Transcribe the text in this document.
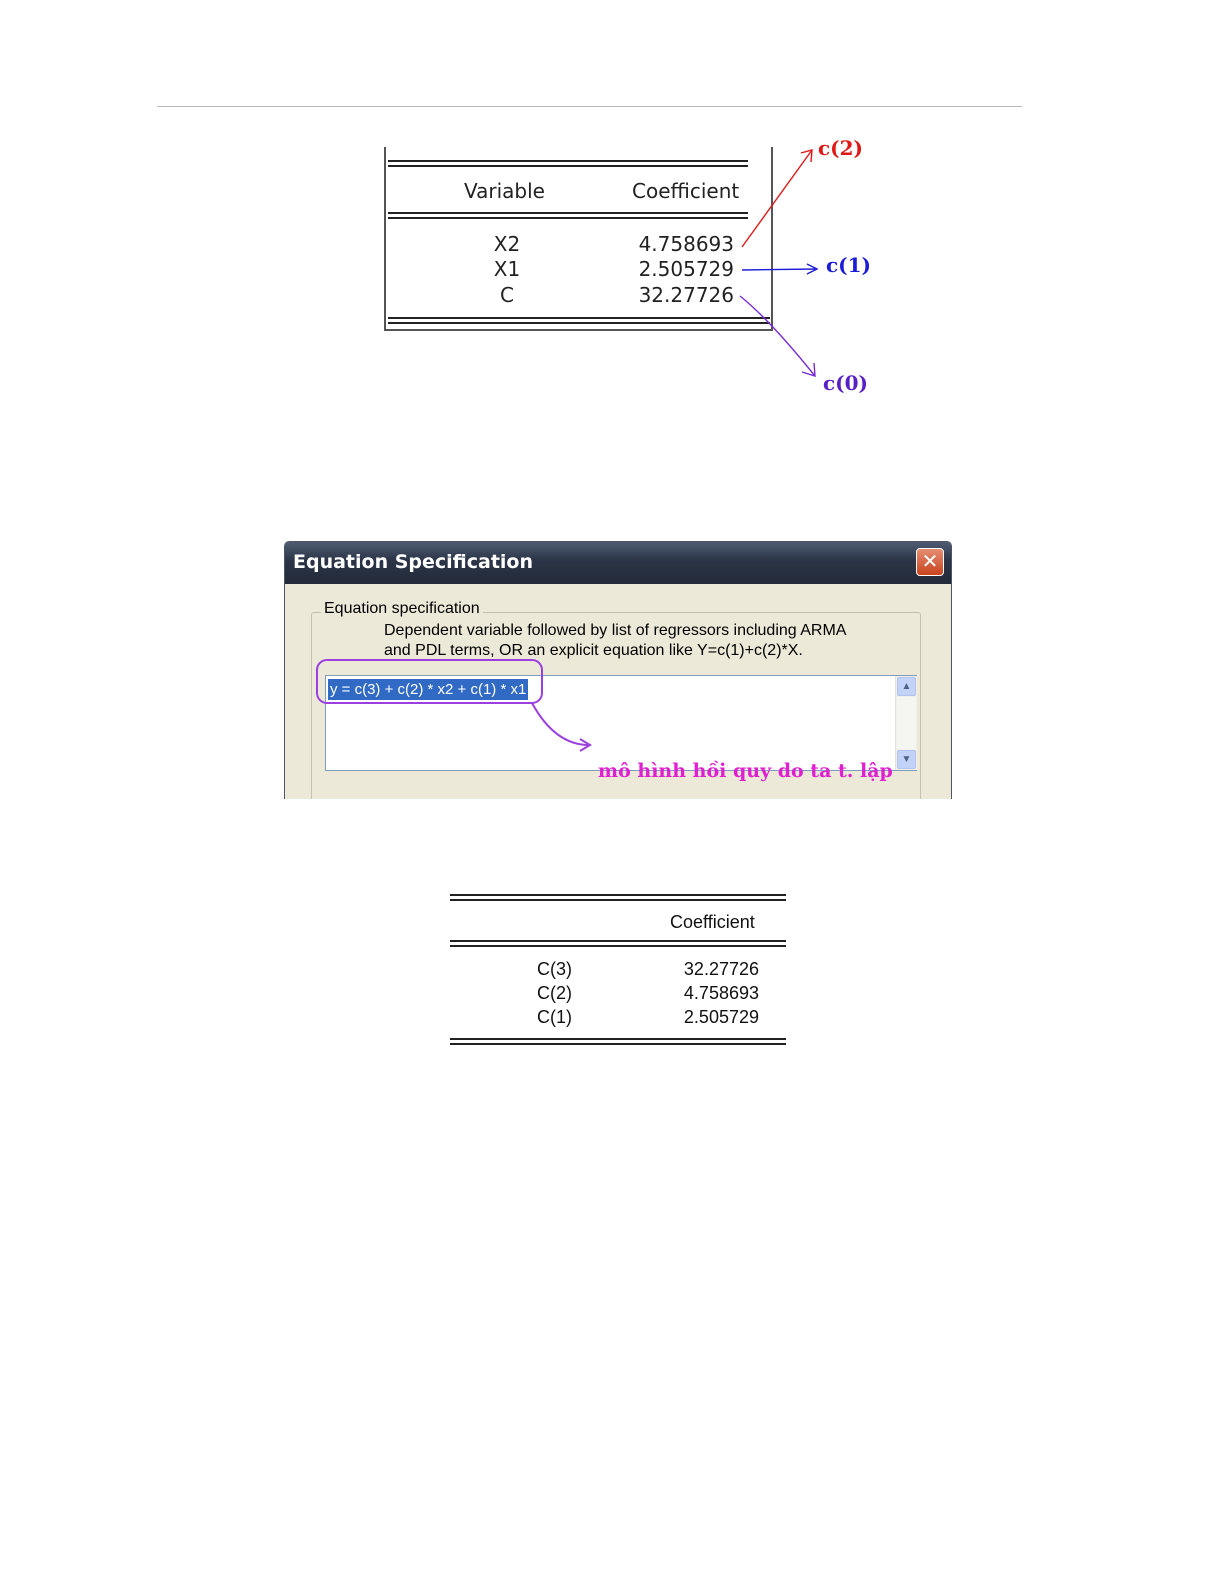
Variable	Coefficient
X2	4.758693
X1	2.505729
C	32.27726
c(2)
c(1)
c(0)
Equation Specification	✕
Equation specification
Dependent variable followed by list of regressors including ARMA
and PDL terms, OR an explicit equation like Y=c(1)+c(2)*X.
y = c(3) + c(2) * x2 + c(1) * x1	▲
▼
mô hình hồi quy do ta t. lập
Coefficient
C(3)	32.27726
C(2)	4.758693
C(1)	2.505729
